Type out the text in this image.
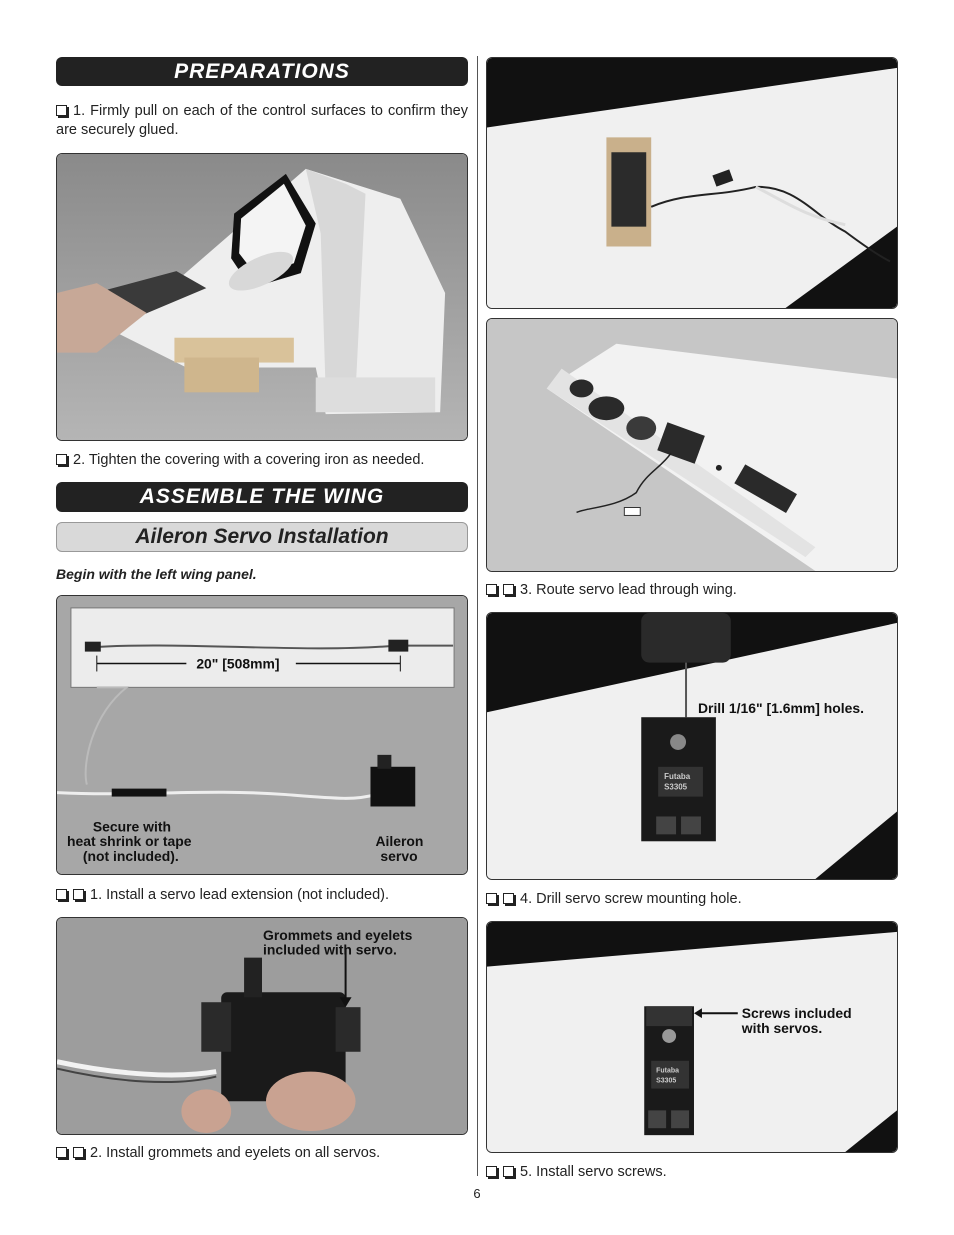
PREPARATIONS
1. Firmly pull on each of the control surfaces to confirm they are securely glued.
2. Tighten the covering with a covering iron as needed.
ASSEMBLE THE WING
Aileron Servo Installation
Begin with the left wing panel.
20" [508mm]
Secure with
heat shrink or tape
(not included).
Aileron
servo
1. Install a servo lead extension (not included).
Grommets and eyelets
included with servo.
2. Install grommets and eyelets on all servos.
3. Route servo lead through wing.
Futaba
S3305
Drill 1/16" [1.6mm] holes.
4. Drill servo screw mounting hole.
Futaba
S3305
Screws included
with servos.
5. Install servo screws.
6
